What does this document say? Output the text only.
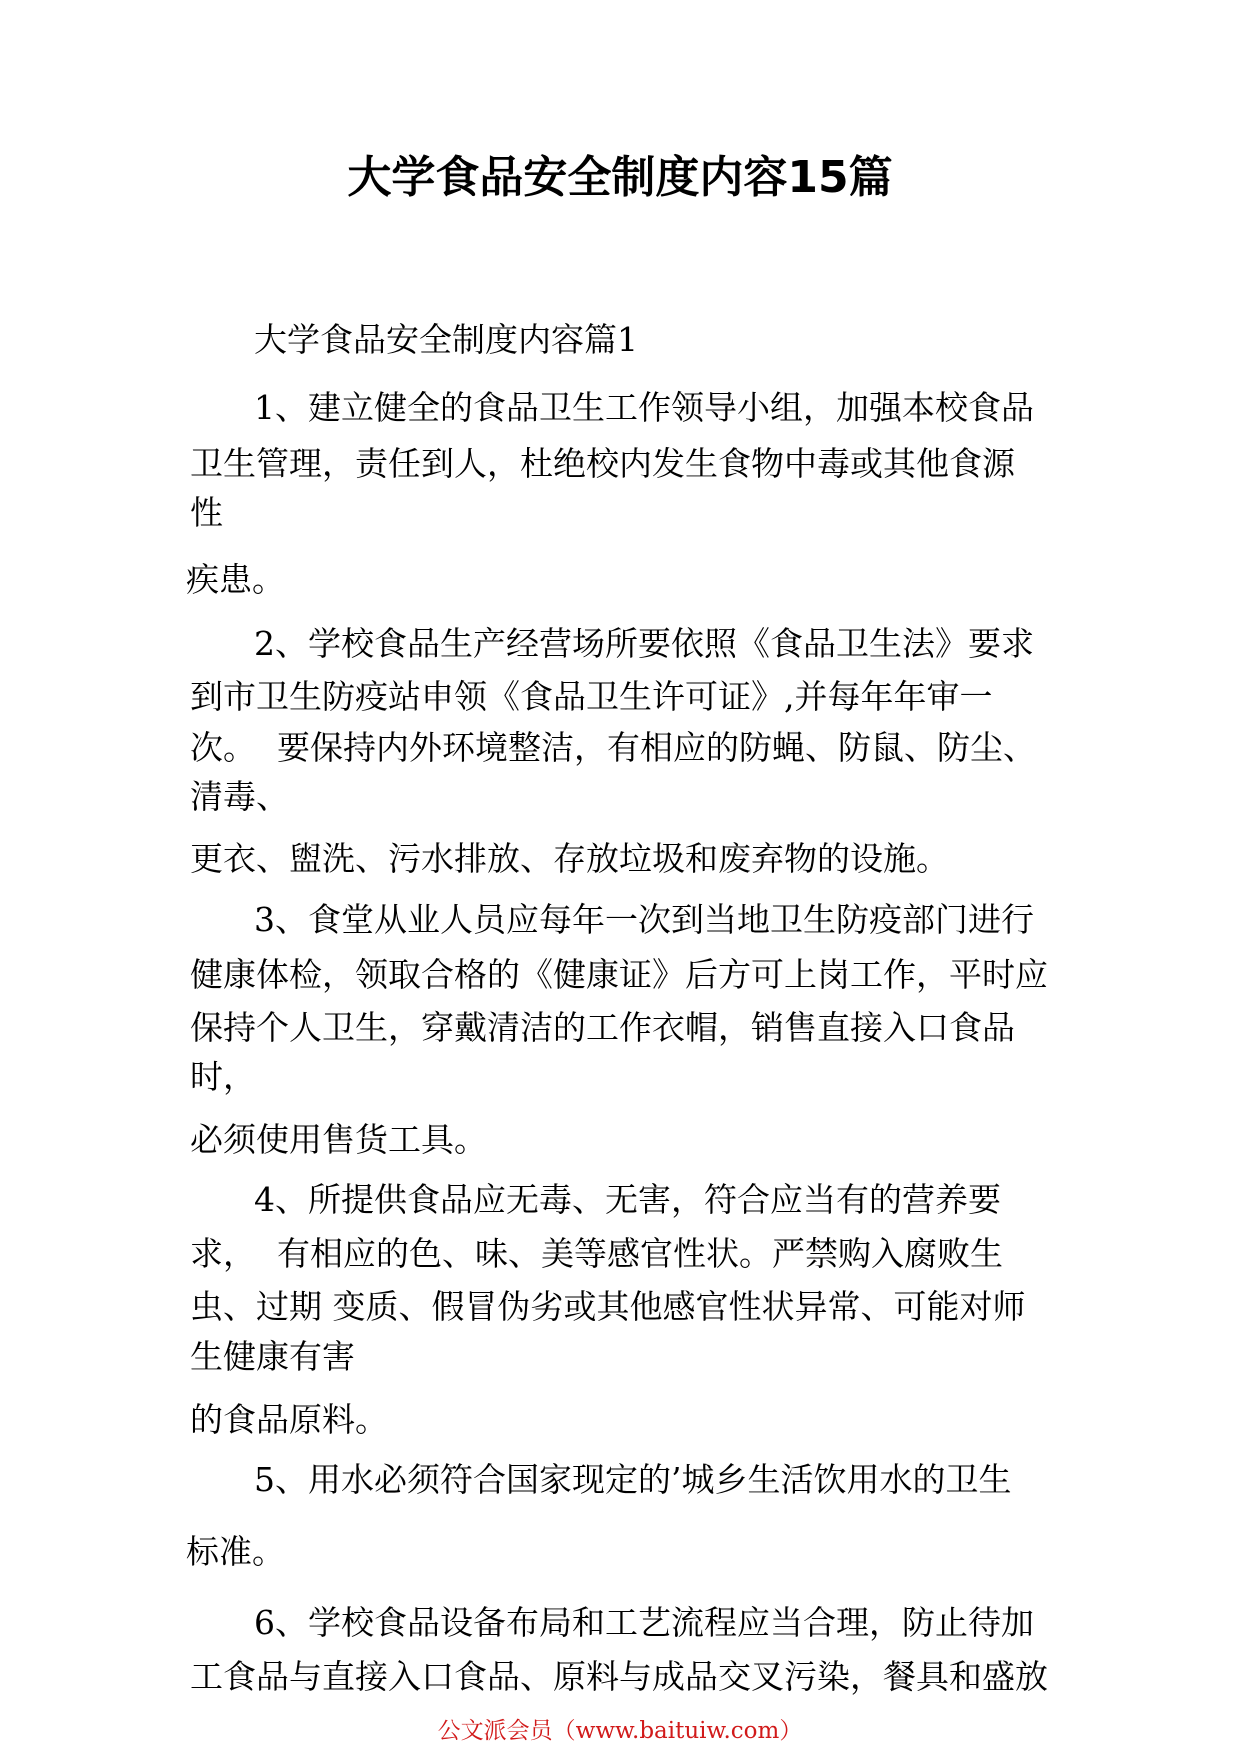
大学食品安全制度内容15篇

大学食品安全制度内容篇1

1、建立健全的食品卫生工作领导小组，加强本校食品

卫生管理，责任到人，杜绝校内发生食物中毒或其他食源

性

疾患。

2、学校食品生产经营场所要依照《食品卫生法》要求

到市卫生防疫站申领《食品卫生许可证》,并每年年审一

次。  要保持内外环境整洁，有相应的防蝇、防鼠、防尘、

清毒、

更衣、盥洗、污水排放、存放垃圾和废弃物的设施。

3、食堂从业人员应每年一次到当地卫生防疫部门进行

健康体检，领取合格的《健康证》后方可上岗工作，平时应

保持个人卫生，穿戴清洁的工作衣帽，销售直接入口食品

时，

必须使用售货工具。

4、所提供食品应无毒、无害，符合应当有的营养要

求，  有相应的色、味、美等感官性状。严禁购入腐败生

虫、过期 变质、假冒伪劣或其他感官性状异常、可能对师

生健康有害

的食品原料。

5、用水必须符合国家现定的’城乡生活饮用水的卫生

标准。

6、学校食品设备布局和工艺流程应当合理，防止待加

工食品与直接入口食品、原料与成品交叉污染，餐具和盛放

公文派会员（www.baituiw.com）
